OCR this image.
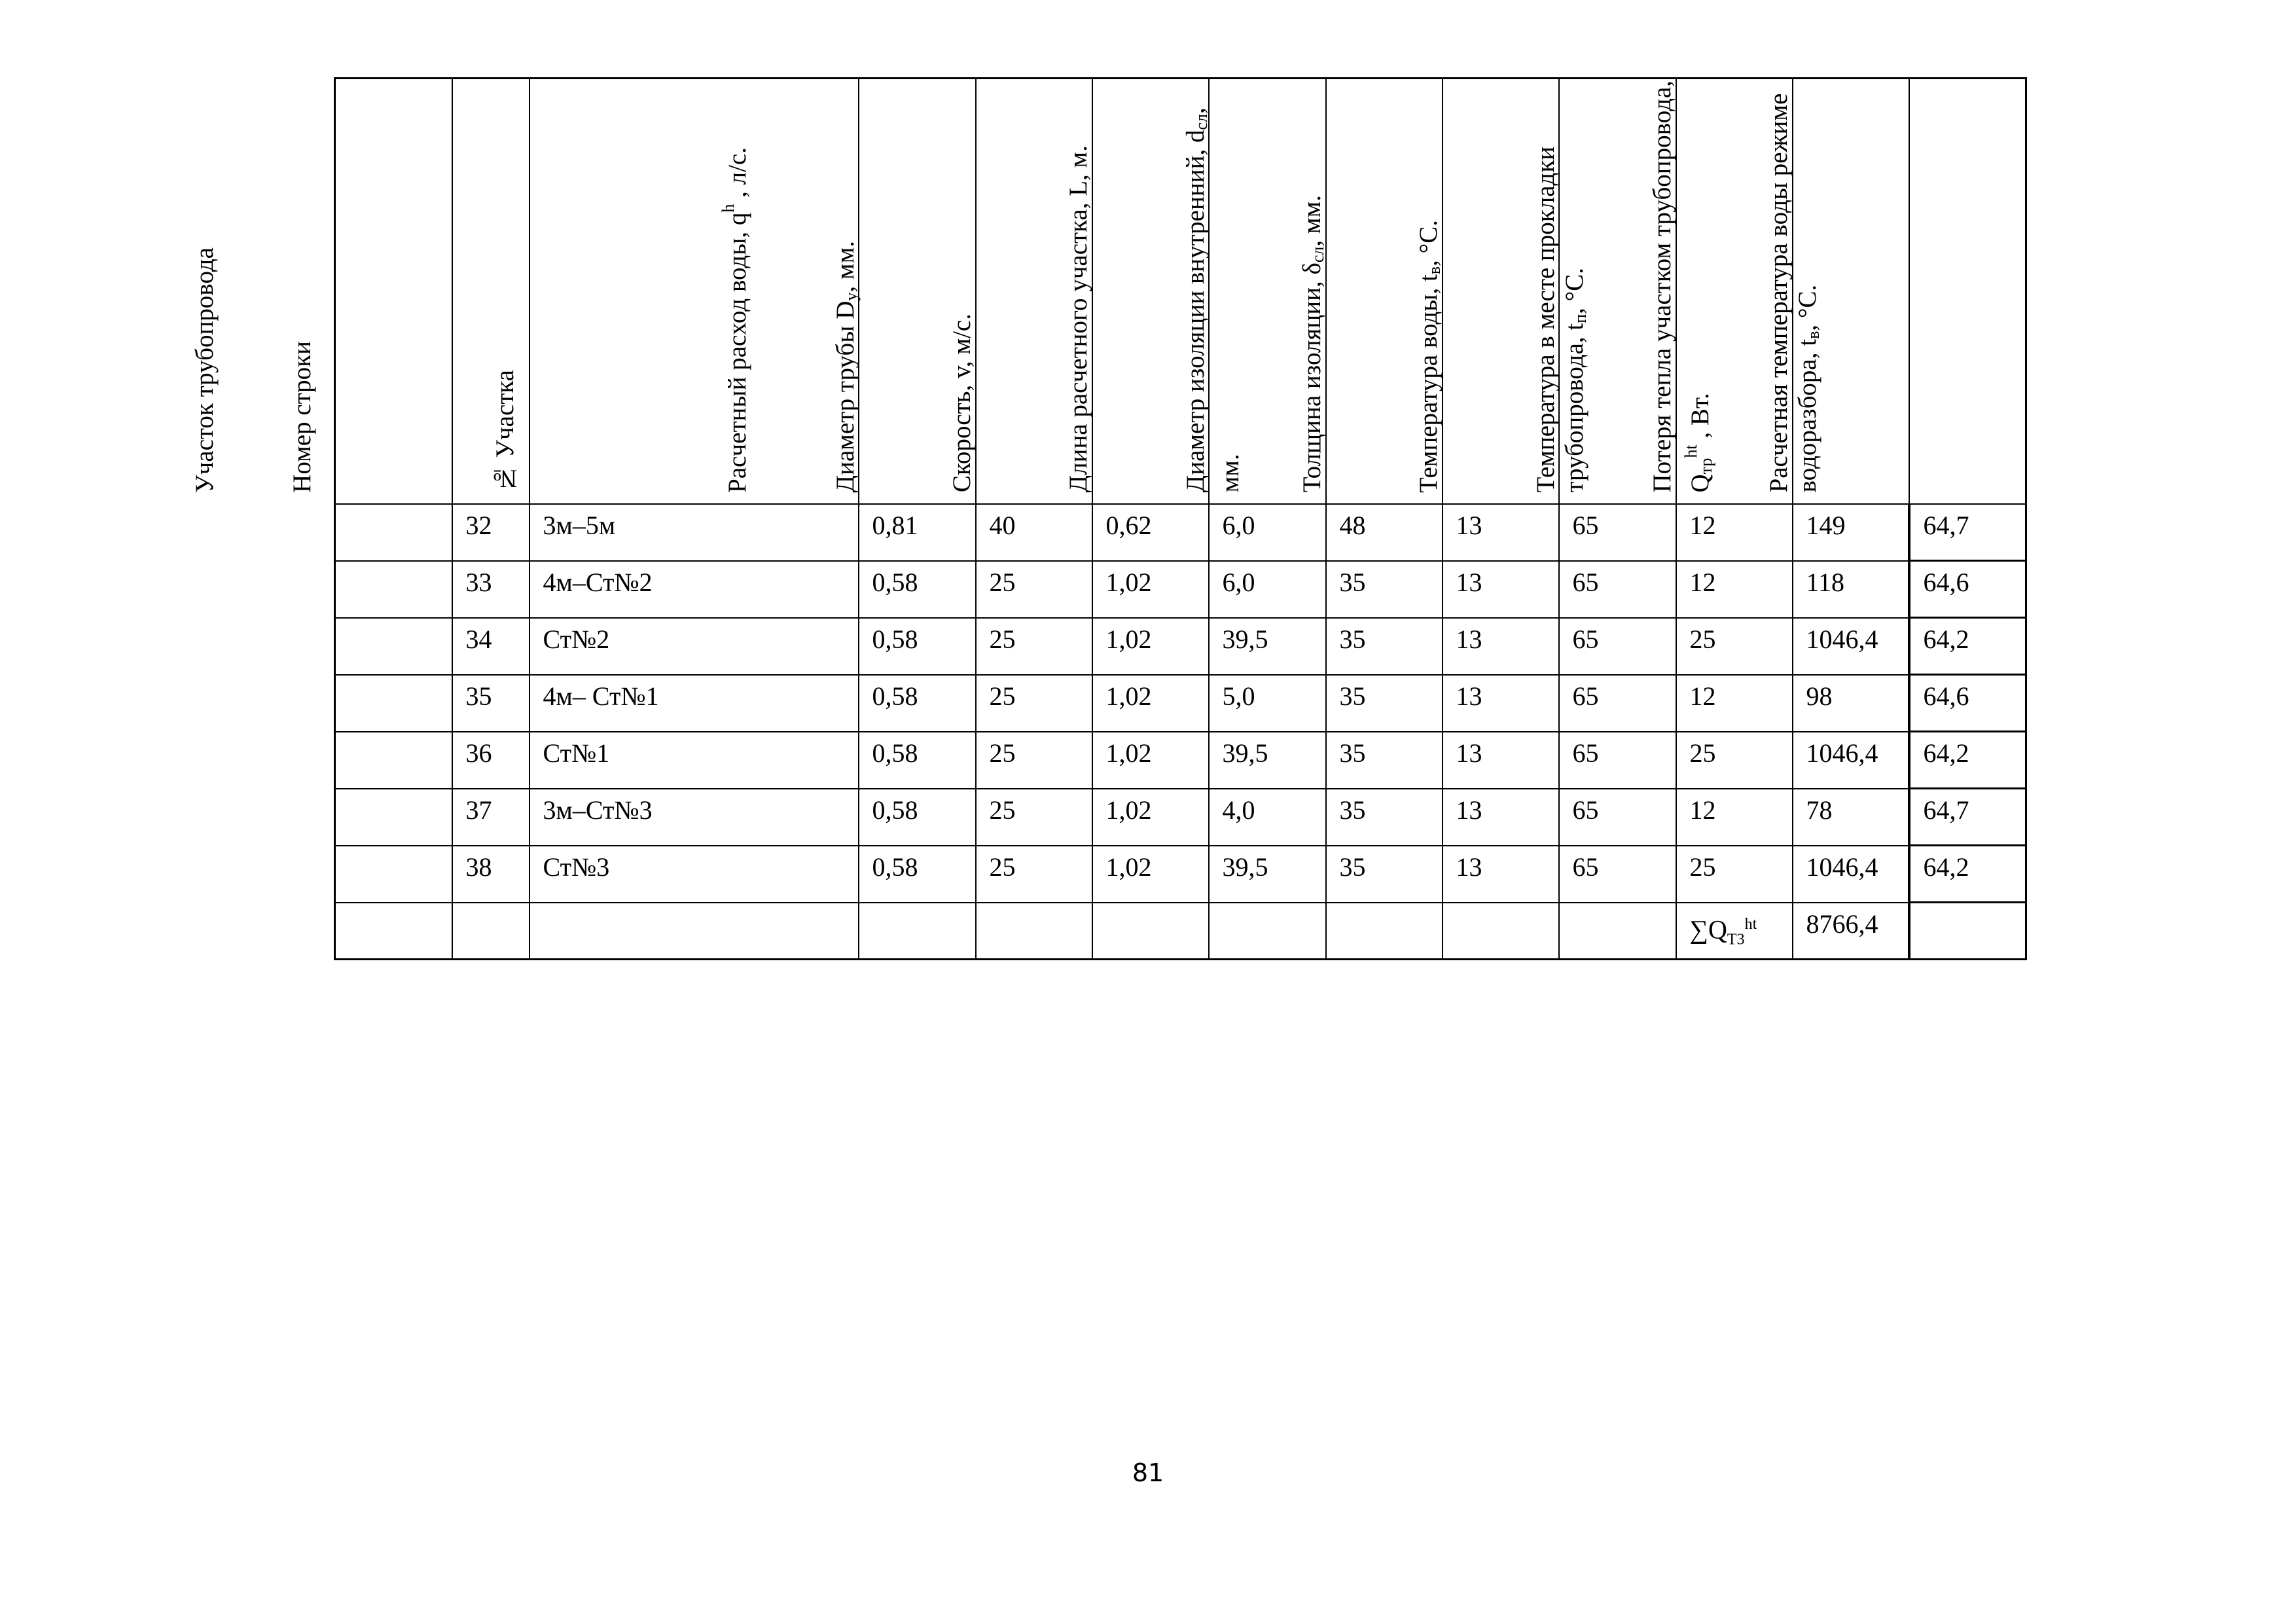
Участок трубопровода	Номер строки	№ Участка	Расчетный расход воды, $q^h$ , л/с.	Диаметр трубы $D_у$, мм.	Скорость, v, м/с.	Длина расчетного участка, L, м.	Диаметр изоляции внутренний, $d_{сл}$, мм.	Толщина изоляции, $\delta_{сл}$, мм.	Температура воды, $t_в$, °С.	Температура в месте прокладки трубопровода, $t_п$, °С.	Потеря тепла участком трубопровода, $Q_{тр}^{ht}$ , Вт.	Расчетная температура воды режиме водоразбора, $t_в$, °С.

	32	3м–5м	0,81	40	0,62	6,0	48	13	65	12	149	64,7
	33	4м–Ст№2	0,58	25	1,02	6,0	35	13	65	12	118	64,6
	34	Ст№2	0,58	25	1,02	39,5	35	13	65	25	1046,4	64,2
	35	4м– Ст№1	0,58	25	1,02	5,0	35	13	65	12	98	64,6
	36	Ст№1	0,58	25	1,02	39,5	35	13	65	25	1046,4	64,2
	37	3м–Ст№3	0,58	25	1,02	4,0	35	13	65	12	78	64,7
	38	Ст№3	0,58	25	1,02	39,5	35	13	65	25	1046,4	64,2
										$\sum Q_{Т3}^{ht}$	8766,4	
81
